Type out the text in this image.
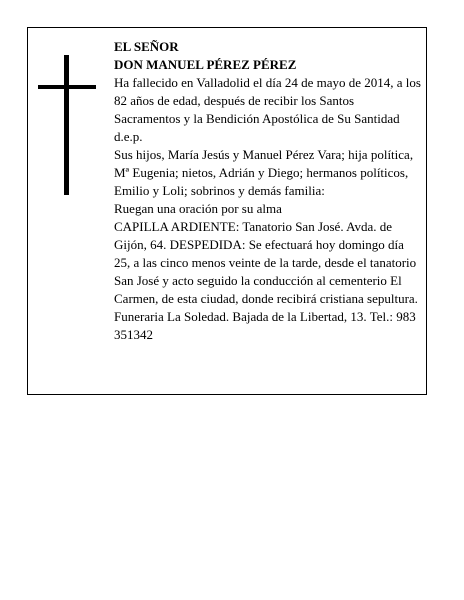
EL SEÑOR

DON MANUEL PÉREZ PÉREZ

Ha fallecido en Valladolid el día 24 de mayo de 2014, a los 82 años de edad, después de recibir los Santos Sacramentos y la Bendición Apostólica de Su Santidad d.e.p.

Sus hijos, María Jesús y Manuel Pérez Vara; hija política, Mª Eugenia; nietos, Adrián y Diego; hermanos políticos, Emilio y Loli; sobrinos y demás familia:

Ruegan una oración por su alma

CAPILLA ARDIENTE: Tanatorio San José. Avda. de Gijón, 64. DESPEDIDA: Se efectuará hoy domingo día 25, a las cinco menos veinte de la tarde, desde el tanatorio San José y acto seguido la conducción al cementerio El Carmen, de esta ciudad, donde recibirá cristiana sepultura.

Funeraria La Soledad. Bajada de la Libertad, 13. Tel.: 983 351342
